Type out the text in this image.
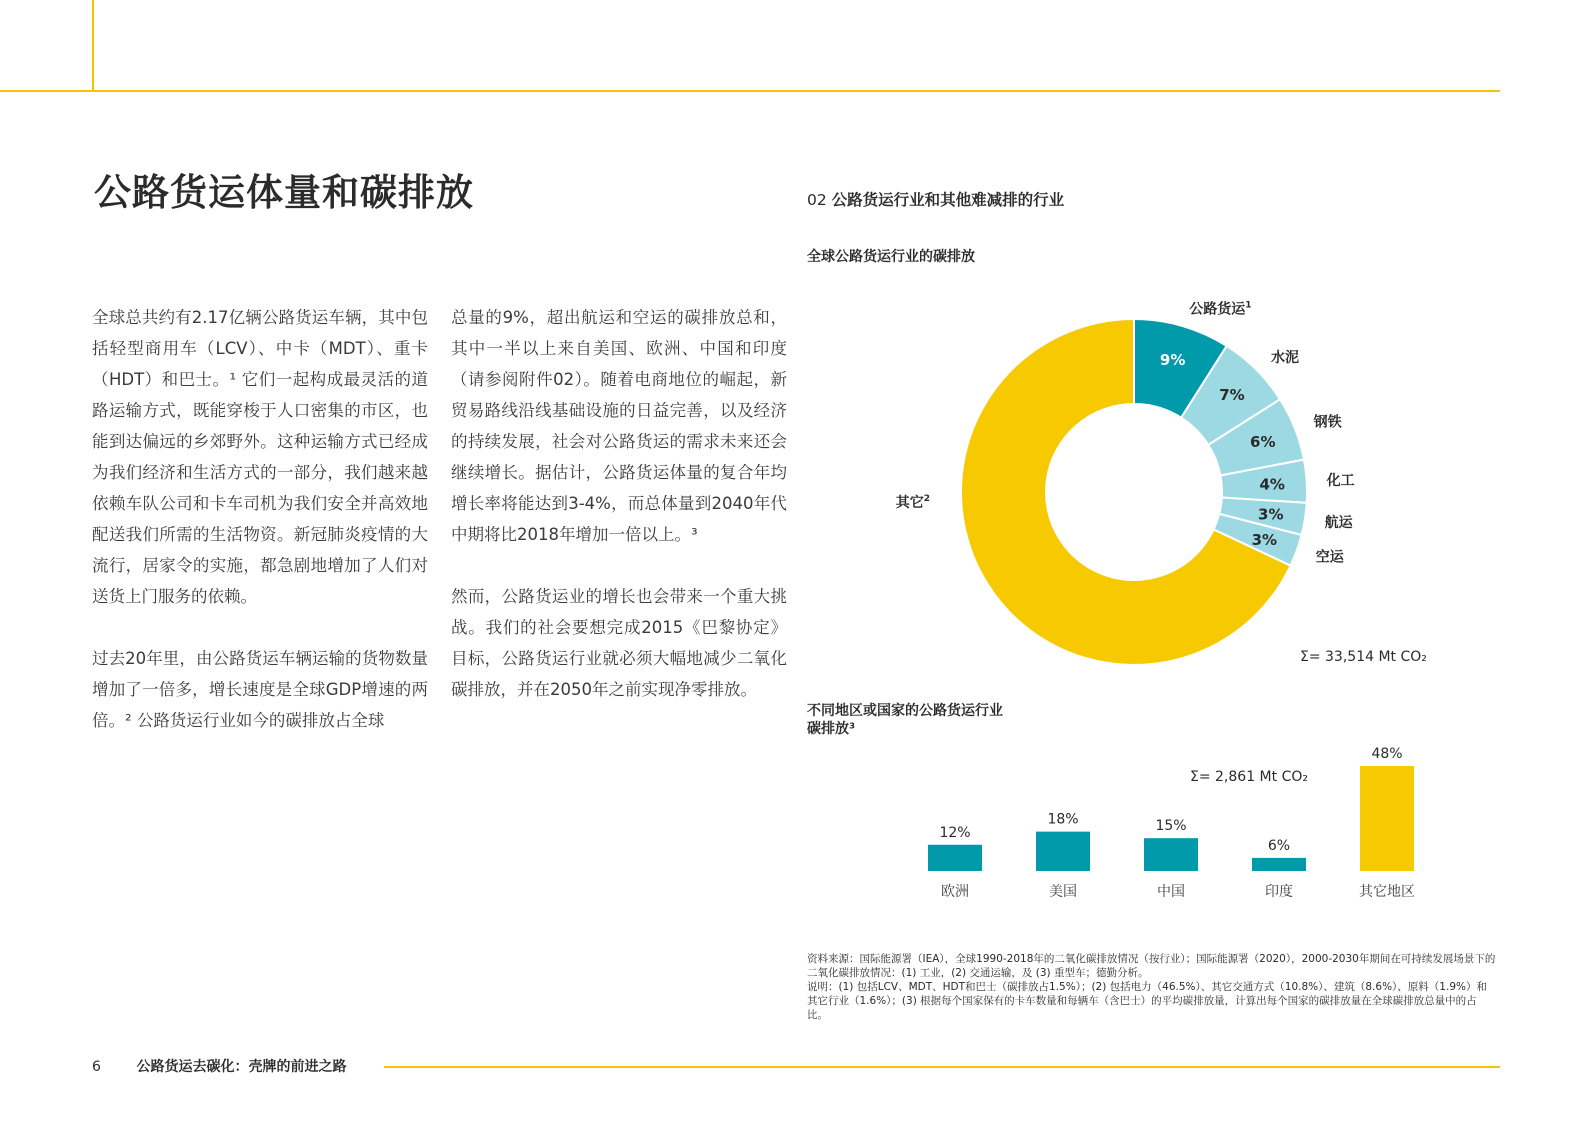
公路货运体量和碳排放

全球总共约有2.17亿辆公路货运车辆，其中包括轻型商用车（LCV）、中卡（MDT）、重卡（HDT）和巴士。¹ 它们一起构成最灵活的道路运输方式，既能穿梭于人口密集的市区，也能到达偏远的乡郊野外。这种运输方式已经成为我们经济和生活方式的一部分，我们越来越依赖车队公司和卡车司机为我们安全并高效地配送我们所需的生活物资。新冠肺炎疫情的大流行，居家令的实施，都急剧地增加了人们对送货上门服务的依赖。

过去20年里，由公路货运车辆运输的货物数量增加了一倍多，增长速度是全球GDP增速的两倍。² 公路货运行业如今的碳排放占全球

总量的9%，超出航运和空运的碳排放总和，其中一半以上来自美国、欧洲、中国和印度（请参阅附件02）。随着电商地位的崛起，新贸易路线沿线基础设施的日益完善，以及经济的持续发展，社会对公路货运的需求未来还会继续增长。据估计，公路货运体量的复合年均增长率将能达到3-4%，而总体量到2040年代中期将比2018年增加一倍以上。³

然而，公路货运业的增长也会带来一个重大挑战。我们的社会要想完成2015《巴黎协定》目标，公路货运行业就必须大幅地减少二氧化碳排放，并在2050年之前实现净零排放。

02 公路货运行业和其他难减排的行业
全球公路货运行业的碳排放
9%
公路货运$^1$
7%
水泥
6%
钢铁
4%	化工
3%	航运
3%
空运
其它$^2$
Σ= 33,514 Mt CO₂
不同地区或国家的公路货运行业
碳排放³
12%
欧洲
18%
美国
15%
中国
6%
印度
48%
其它地区
Σ= 2,861 Mt CO₂

资料来源：国际能源署（IEA），全球1990-2018年的二氧化碳排放情况（按行业）；国际能源署（2020），2000-2030年期间在可持续发展场景下的二氧化碳排放情况：(1) 工业，(2) 交通运输，及 (3) 重型车；德勤分析。

说明：(1) 包括LCV、MDT、HDT和巴士（碳排放占1.5%）；(2) 包括电力（46.5%）、其它交通方式（10.8%）、建筑（8.6%）、原料（1.9%）和其它行业（1.6%）；(3) 根据每个国家保有的卡车数量和每辆车（含巴士）的平均碳排放量，计算出每个国家的碳排放量在全球碳排放总量中的占比。

6	公路货运去碳化：壳牌的前进之路
